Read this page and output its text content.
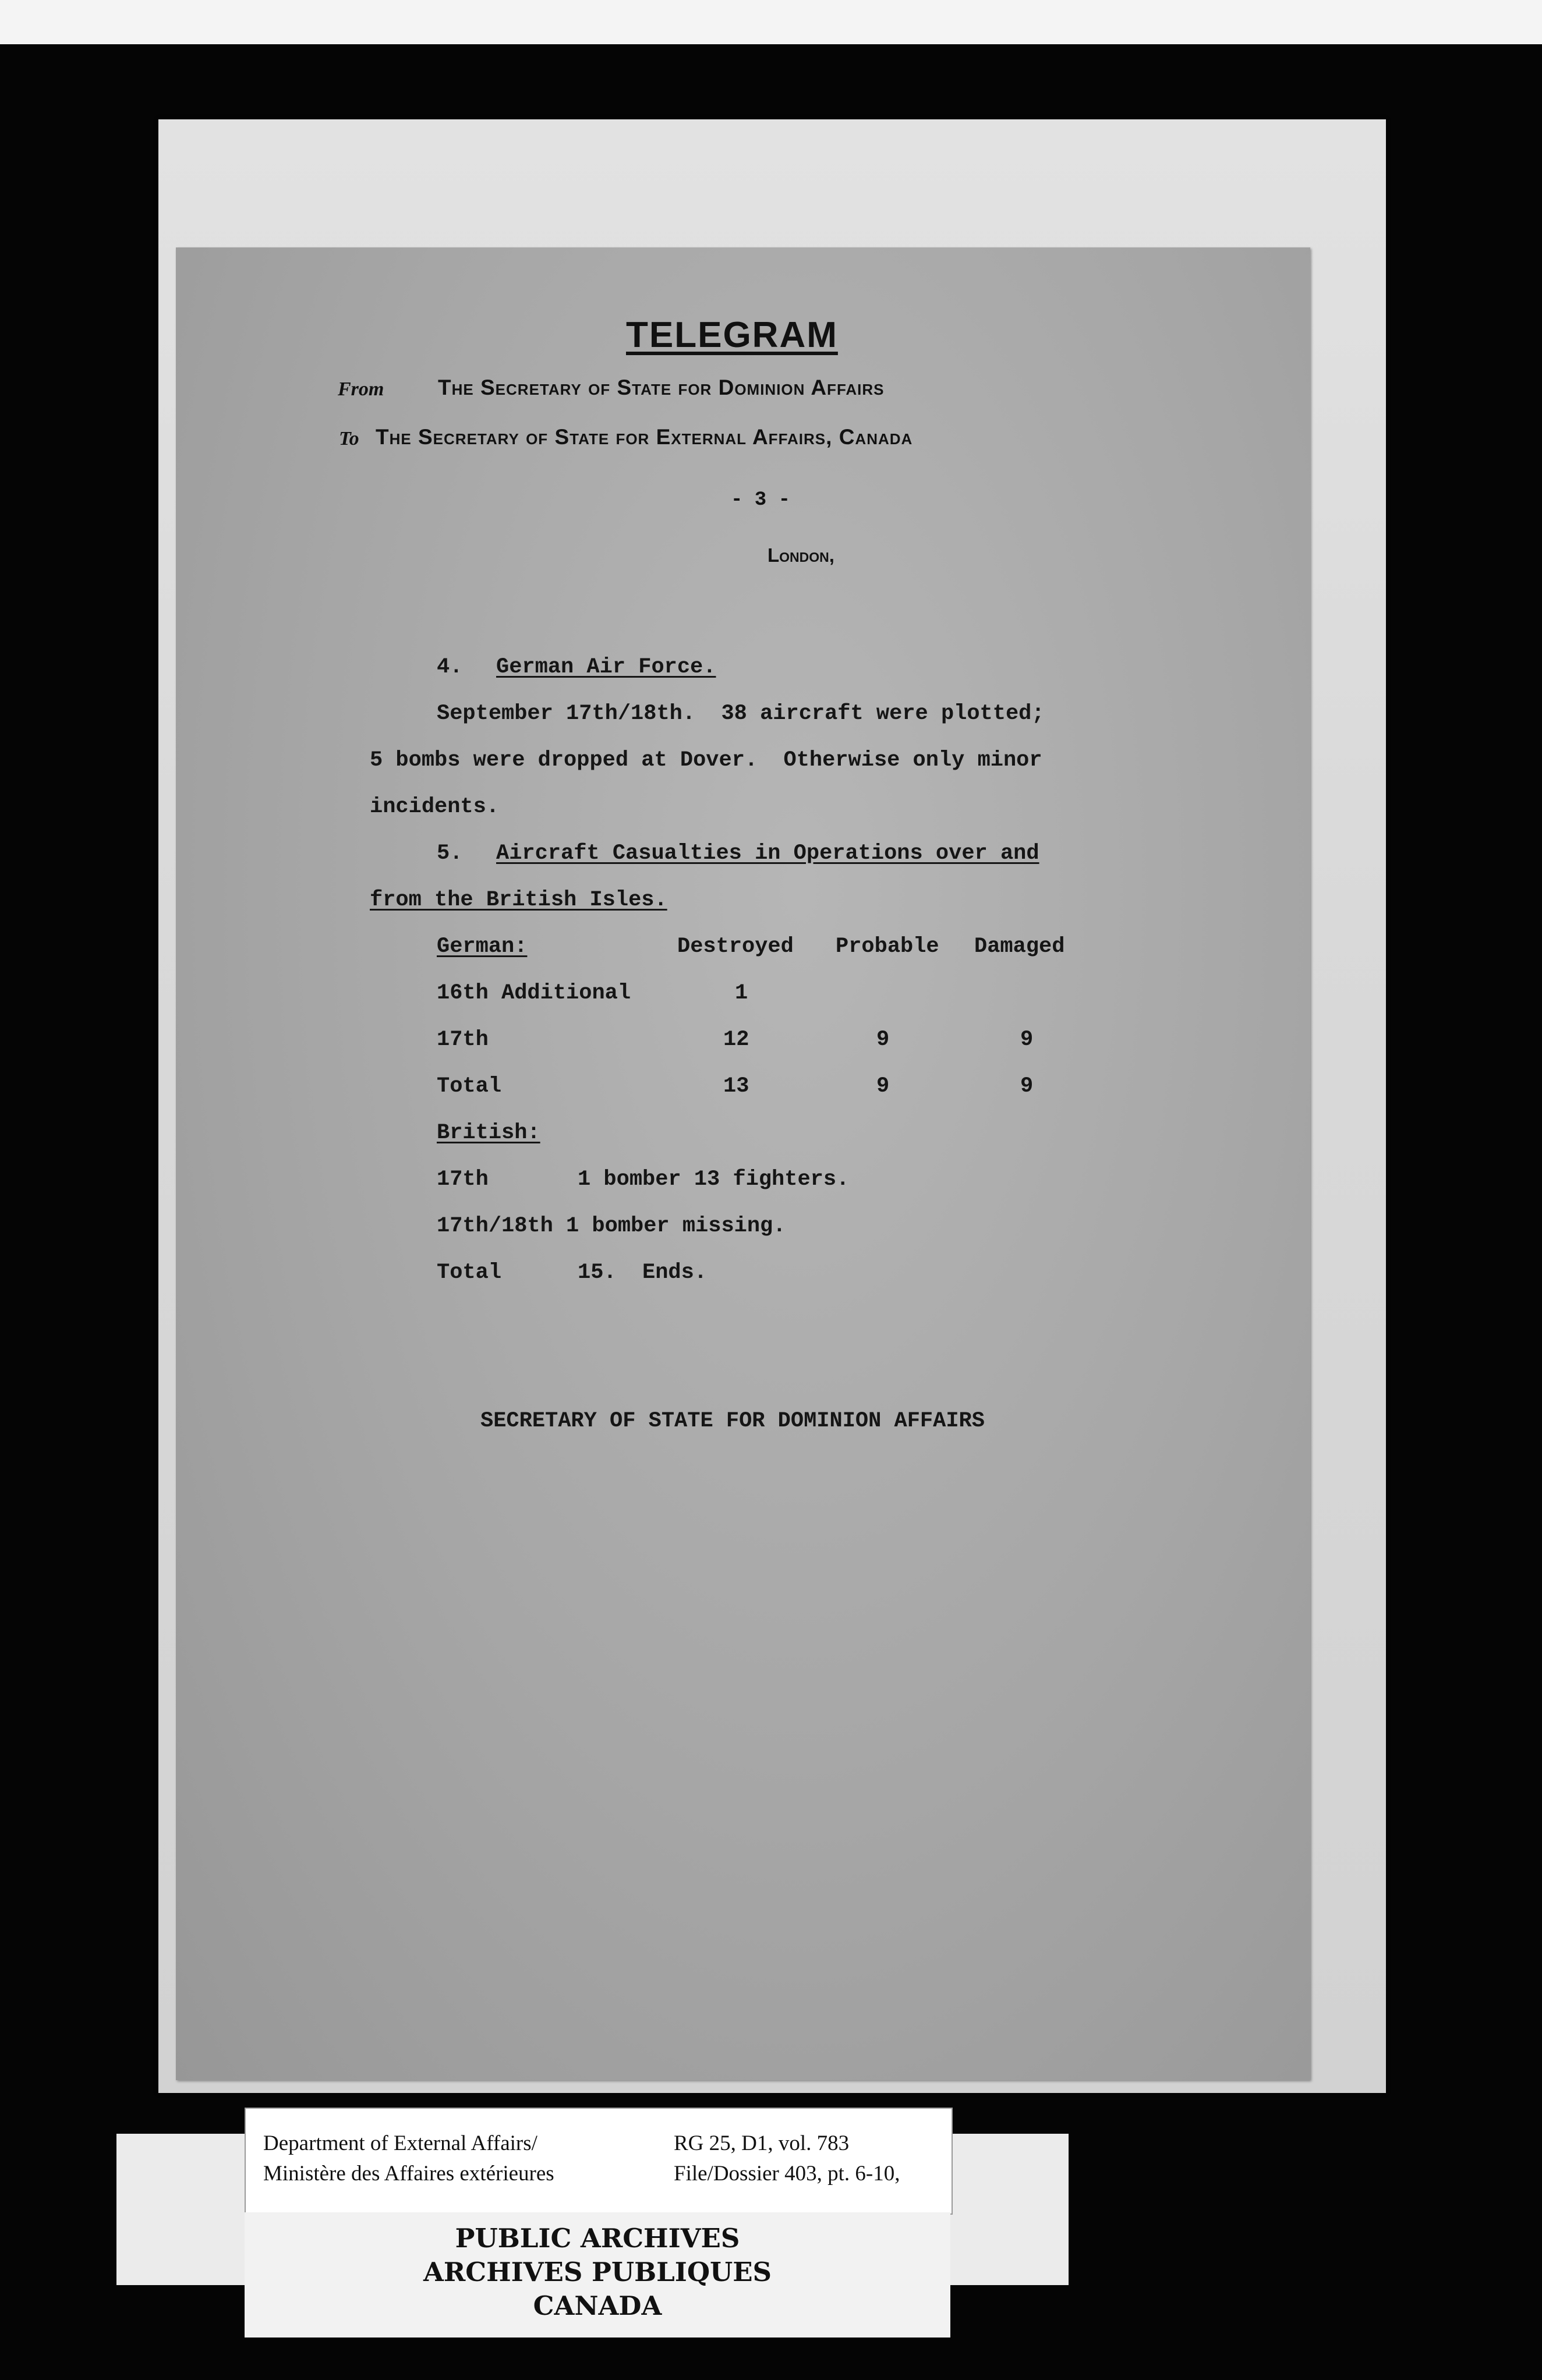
TELEGRAM
From	The Secretary of State for Dominion Affairs
To The Secretary of State for External Affairs, Canada
- 3 -
London,
4. German Air Force.
September 17th/18th.  38 aircraft were plotted;
5 bombs were dropped at Dover.  Otherwise only minor
incidents.
5. Aircraft Casualties in Operations over and
from the British Isles.
German:	Destroyed Probable Damaged
16th Additional	1
17th	12	9	9
Total	13	9	9
British:
17th	1 bomber 13 fighters.
17th/18th 1 bomber missing.
Total	15.  Ends.
SECRETARY OF STATE FOR DOMINION AFFAIRS
Department of External Affairs/
Ministère des Affaires extérieures
RG 25, D1, vol. 783
File/Dossier 403, pt. 6-10,
PUBLIC ARCHIVES
ARCHIVES PUBLIQUES
CANADA
